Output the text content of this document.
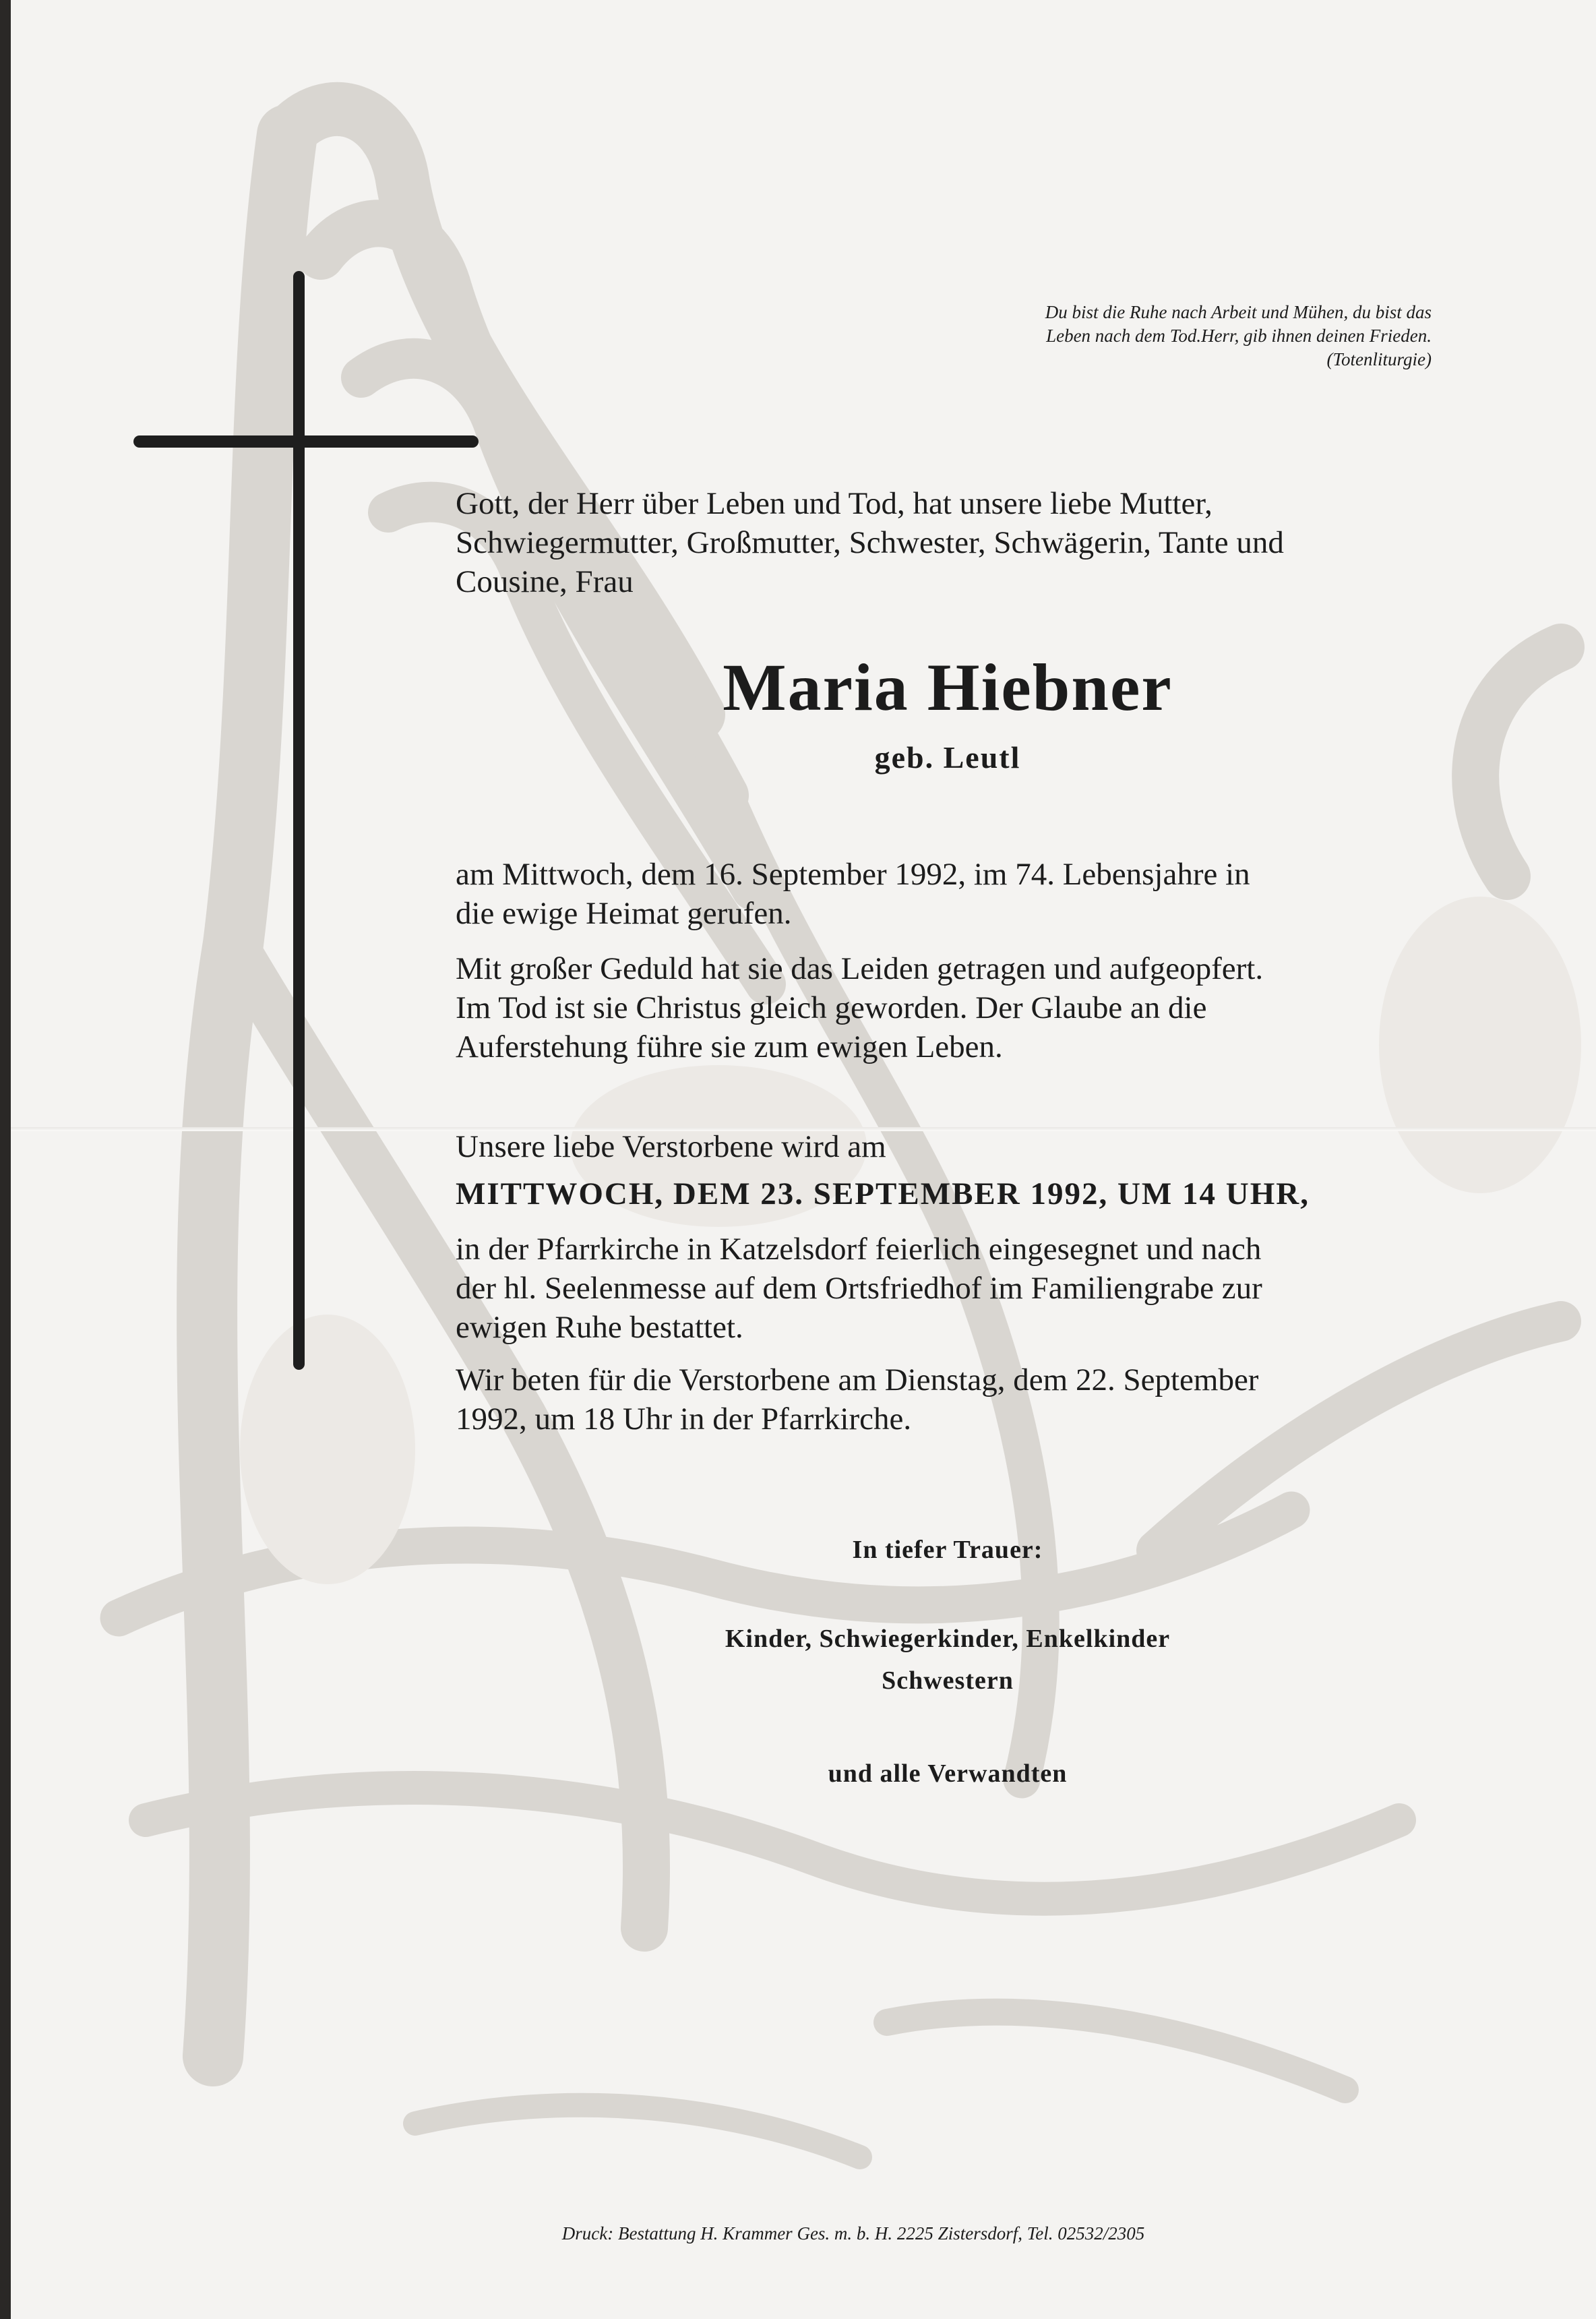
Du bist die Ruhe nach Arbeit und Mühen, du bist das

Leben nach dem Tod.Herr, gib ihnen deinen Frieden.

(Totenliturgie)

Gott, der Herr über Leben und Tod, hat unsere liebe Mutter,

Schwiegermutter, Großmutter, Schwester, Schwägerin, Tante und

Cousine, Frau

Maria Hiebner

geb. Leutl

am Mittwoch, dem 16. September 1992, im 74. Lebensjahre in

die ewige Heimat gerufen.

Mit großer Geduld hat sie das Leiden getragen und aufgeopfert.

Im Tod ist sie Christus gleich geworden. Der Glaube an die

Auferstehung führe sie zum ewigen Leben.

Unsere liebe Verstorbene wird am

MITTWOCH, DEM 23. SEPTEMBER 1992, UM 14 UHR,

in der Pfarrkirche in Katzelsdorf feierlich eingesegnet und nach

der hl. Seelenmesse auf dem Ortsfriedhof im Familiengrabe zur

ewigen Ruhe bestattet.

Wir beten für die Verstorbene am Dienstag, dem 22. September

1992, um 18 Uhr in der Pfarrkirche.

In tiefer Trauer:

Kinder, Schwiegerkinder, Enkelkinder

Schwestern

und alle Verwandten

Druck: Bestattung H. Krammer Ges. m. b. H. 2225 Zistersdorf, Tel. 02532/2305
